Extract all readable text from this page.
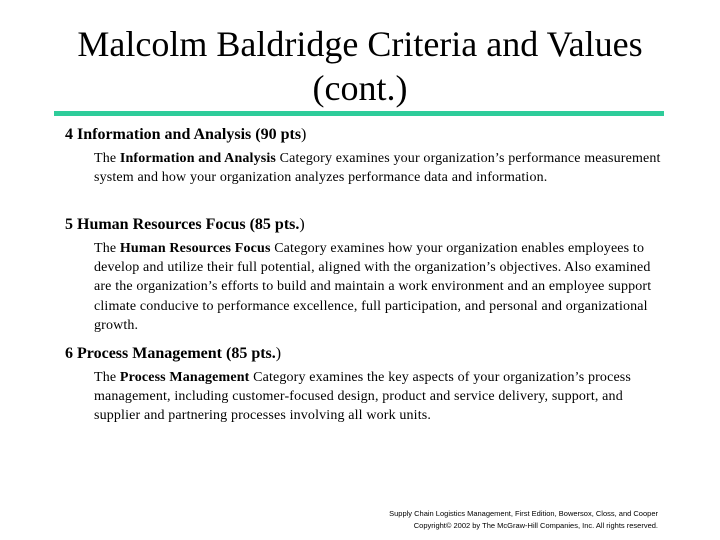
Malcolm Baldridge Criteria and Values
(cont.)
4 Information and Analysis (90 pts)
The Information and Analysis Category examines your organization’s performance measurement system and how your organization analyzes performance data and information.
5 Human Resources Focus (85 pts.)
The Human Resources Focus Category examines how your organization enables employees to develop and utilize their full potential, aligned with the organization’s objectives. Also examined are the organization’s efforts to build and maintain a work environment and an employee support climate conducive to performance excellence, full participation, and personal and organizational growth.
6 Process Management (85 pts.)
The Process Management Category examines the key aspects of your organization’s process management, including customer-focused design, product and service delivery, support, and supplier and partnering processes involving all work units.
Supply Chain Logistics Management, First Edition, Bowersox, Closs, and Cooper
Copyright© 2002 by The McGraw-Hill Companies, Inc. All rights reserved.
